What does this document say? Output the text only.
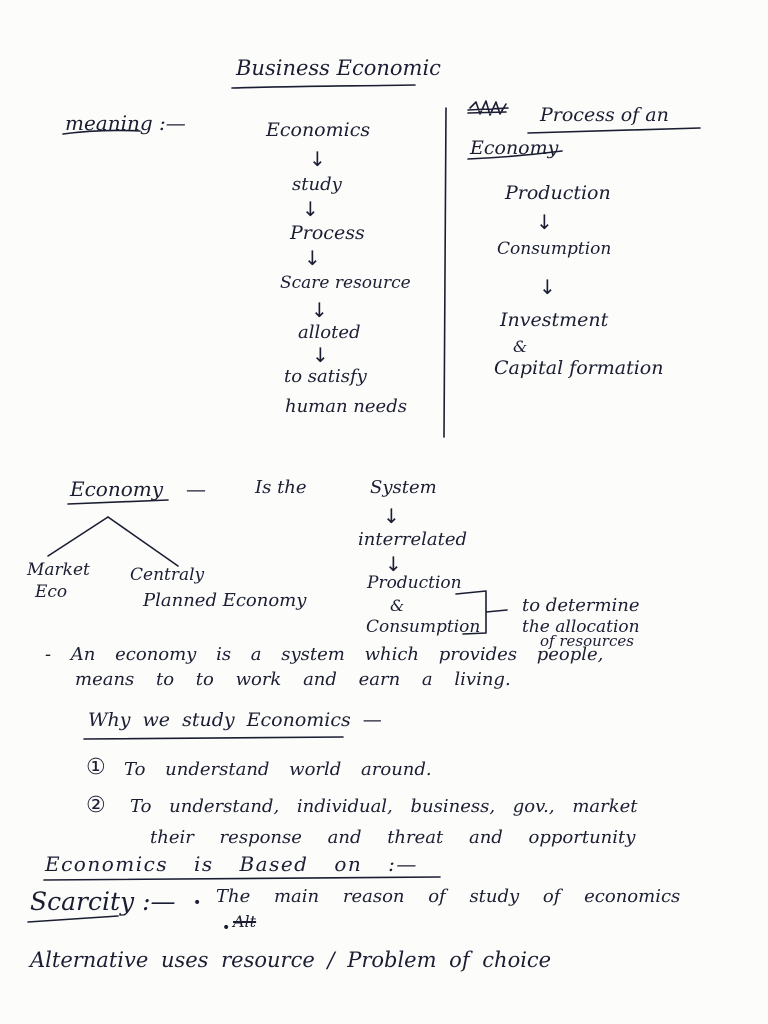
Business Economic
meaning :—	Economics
↓
study
↓
Process
↓
Scare resource
↓
alloted
↓
to satisfy
human needs
Process of an
Economy
Production
↓
Consumption
↓
Investment
&
Capital formation
Economy —	Is the	System
↓
interrelated
↓
Production
&
Consumption
to determine
the allocation
of resources
Market
Eco
Centraly
Planned Economy
- An economy is a system which provides people,
means to to work and earn a living.
Why we study Economics —
① To understand world around.
② To understand, individual, business, gov., market
their response and threat and opportunity
Economics is Based on :—
Scarcity :— • The main reason of study of economics
• Alt
Alternative uses resource / Problem of choice
